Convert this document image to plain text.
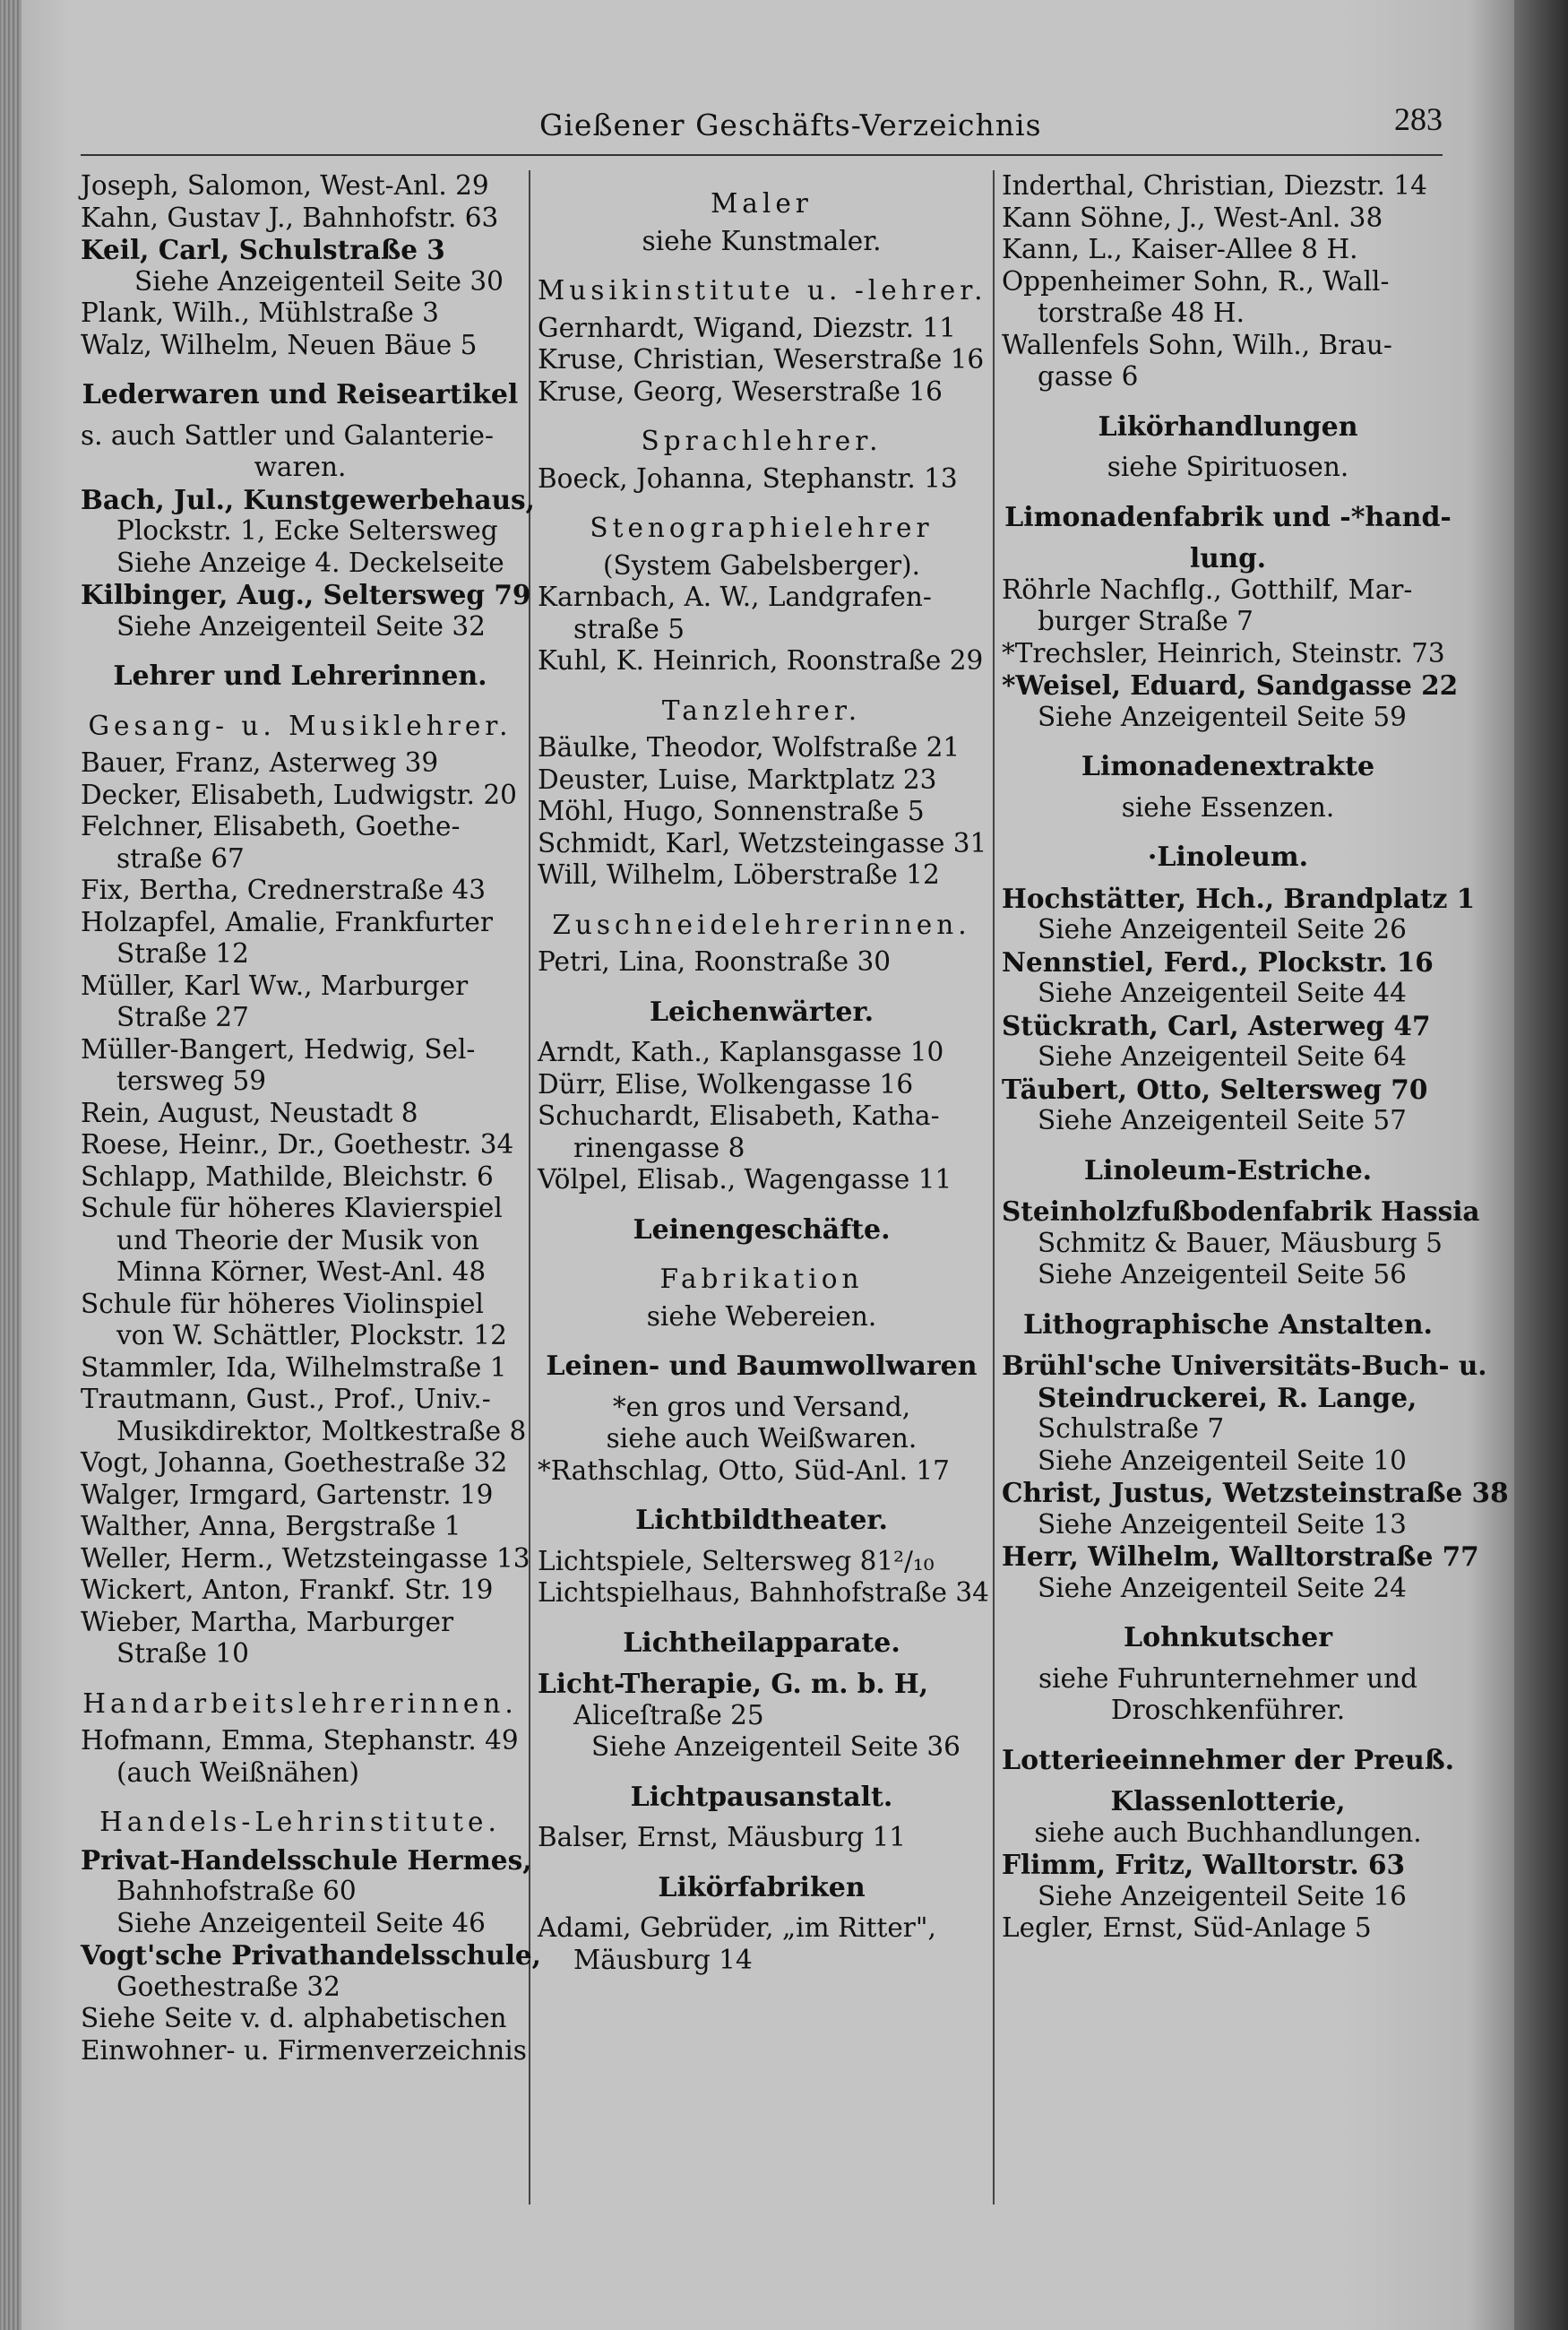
Gießener Geschäfts-Verzeichnis	283
Joseph, Salomon, West-Anl. 29
Kahn, Gustav J., Bahnhofstr. 63
Keil, Carl, Schulstraße 3
Siehe Anzeigenteil Seite 30
Plank, Wilh., Mühlstraße 3
Walz, Wilhelm, Neuen Bäue 5
Lederwaren und Reiseartikel
s. auch Sattler und Galanterie-
waren.
Bach, Jul., Kunstgewerbehaus,
Plockstr. 1, Ecke Seltersweg
Siehe Anzeige 4. Deckelseite
Kilbinger, Aug., Seltersweg 79
Siehe Anzeigenteil Seite 32
Lehrer und Lehrerinnen.
Gesang- u. Musiklehrer.
Bauer, Franz, Asterweg 39
Decker, Elisabeth, Ludwigstr. 20
Felchner, Elisabeth, Goethe-
straße 67
Fix, Bertha, Crednerstraße 43
Holzapfel, Amalie, Frankfurter
Straße 12
Müller, Karl Ww., Marburger
Straße 27
Müller-Bangert, Hedwig, Sel-
tersweg 59
Rein, August, Neustadt 8
Roese, Heinr., Dr., Goethestr. 34
Schlapp, Mathilde, Bleichstr. 6
Schule für höheres Klavierspiel
und Theorie der Musik von
Minna Körner, West-Anl. 48
Schule für höheres Violinspiel
von W. Schättler, Plockstr. 12
Stammler, Ida, Wilhelmstraße 1
Trautmann, Gust., Prof., Univ.-
Musikdirektor, Moltkestraße 8
Vogt, Johanna, Goethestraße 32
Walger, Irmgard, Gartenstr. 19
Walther, Anna, Bergstraße 1
Weller, Herm., Wetzsteingasse 13
Wickert, Anton, Frankf. Str. 19
Wieber, Martha, Marburger
Straße 10
Handarbeitslehrerinnen.
Hofmann, Emma, Stephanstr. 49
(auch Weißnähen)
Handels-Lehrinstitute.
Privat-Handelsschule Hermes,
Bahnhofstraße 60
Siehe Anzeigenteil Seite 46
Vogt'sche Privathandelsschule,
Goethestraße 32
Siehe Seite v. d. alphabetischen
Einwohner- u. Firmenverzeichnis
Maler
siehe Kunstmaler.
Musikinstitute u. -lehrer.
Gernhardt, Wigand, Diezstr. 11
Kruse, Christian, Weserstraße 16
Kruse, Georg, Weserstraße 16
Sprachlehrer.
Boeck, Johanna, Stephanstr. 13
Stenographielehrer
(System Gabelsberger).
Karnbach, A. W., Landgrafen-
straße 5
Kuhl, K. Heinrich, Roonstraße 29
Tanzlehrer.
Bäulke, Theodor, Wolfstraße 21
Deuster, Luise, Marktplatz 23
Möhl, Hugo, Sonnenstraße 5
Schmidt, Karl, Wetzsteingasse 31
Will, Wilhelm, Löberstraße 12
Zuschneidelehrerinnen.
Petri, Lina, Roonstraße 30
Leichenwärter.
Arndt, Kath., Kaplansgasse 10
Dürr, Elise, Wolkengasse 16
Schuchardt, Elisabeth, Katha-
rinengasse 8
Völpel, Elisab., Wagengasse 11
Leinengeschäfte.
Fabrikation
siehe Webereien.
Leinen- und Baumwollwaren
*en gros und Versand,
siehe auch Weißwaren.
*Rathschlag, Otto, Süd-Anl. 17
Lichtbildtheater.
Lichtspiele, Seltersweg 81²/₁₀
Lichtspielhaus, Bahnhofstraße 34
Lichtheilapparate.
Licht-Therapie, G. m. b. H,
Aliceſtraße 25
Siehe Anzeigenteil Seite 36
Lichtpausanstalt.
Balser, Ernst, Mäusburg 11
Likörfabriken
Adami, Gebrüder, „im Ritter",
Mäusburg 14
Inderthal, Christian, Diezstr. 14
Kann Söhne, J., West-Anl. 38
Kann, L., Kaiser-Allee 8 H.
Oppenheimer Sohn, R., Wall-
torstraße 48 H.
Wallenfels Sohn, Wilh., Brau-
gasse 6
Likörhandlungen
siehe Spirituosen.
Limonadenfabrik und -*hand-
lung.
Röhrle Nachflg., Gotthilf, Mar-
burger Straße 7
*Trechsler, Heinrich, Steinstr. 73
*Weisel, Eduard, Sandgasse 22
Siehe Anzeigenteil Seite 59
Limonadenextrakte
siehe Essenzen.
·Linoleum.
Hochstätter, Hch., Brandplatz 1
Siehe Anzeigenteil Seite 26
Nennstiel, Ferd., Plockstr. 16
Siehe Anzeigenteil Seite 44
Stückrath, Carl, Asterweg 47
Siehe Anzeigenteil Seite 64
Täubert, Otto, Seltersweg 70
Siehe Anzeigenteil Seite 57
Linoleum-Estriche.
Steinholzfußbodenfabrik Hassia
Schmitz & Bauer, Mäusburg 5
Siehe Anzeigenteil Seite 56
Lithographische Anstalten.
Brühl'sche Universitäts-Buch- u.
Steindruckerei, R. Lange,
Schulstraße 7
Siehe Anzeigenteil Seite 10
Christ, Justus, Wetzsteinstraße 38
Siehe Anzeigenteil Seite 13
Herr, Wilhelm, Walltorstraße 77
Siehe Anzeigenteil Seite 24
Lohnkutscher
siehe Fuhrunternehmer und
Droschkenführer.
Lotterieeinnehmer der Preuß.
Klassenlotterie,
siehe auch Buchhandlungen.
Flimm, Fritz, Walltorstr. 63
Siehe Anzeigenteil Seite 16
Legler, Ernst, Süd-Anlage 5
